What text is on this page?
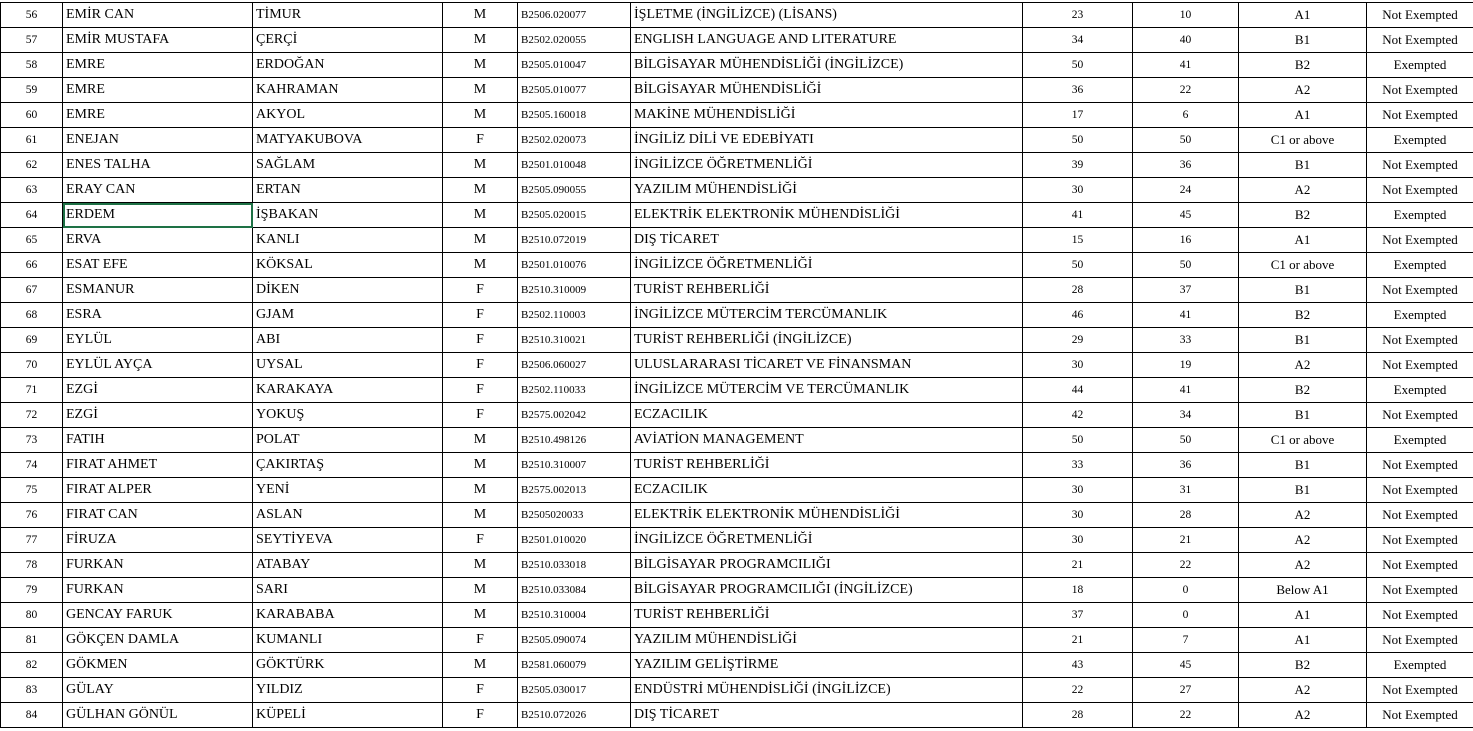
56	EMİR CAN	TİMUR	M	B2506.020077	İŞLETME (İNGİLİZCE) (LİSANS)	23	10	A1	Not Exempted
57	EMİR MUSTAFA	ÇERÇİ	M	B2502.020055	ENGLISH LANGUAGE AND LITERATURE	34	40	B1	Not Exempted
58	EMRE	ERDOĞAN	M	B2505.010047	BİLGİSAYAR MÜHENDİSLİĞİ (İNGİLİZCE)	50	41	B2	Exempted
59	EMRE	KAHRAMAN	M	B2505.010077	BİLGİSAYAR MÜHENDİSLİĞİ	36	22	A2	Not Exempted
60	EMRE	AKYOL	M	B2505.160018	MAKİNE MÜHENDİSLİĞİ	17	6	A1	Not Exempted
61	ENEJAN	MATYAKUBOVA	F	B2502.020073	İNGİLİZ DİLİ VE EDEBİYATI	50	50	C1 or above	Exempted
62	ENES TALHA	SAĞLAM	M	B2501.010048	İNGİLİZCE ÖĞRETMENLİĞİ	39	36	B1	Not Exempted
63	ERAY CAN	ERTAN	M	B2505.090055	YAZILIM MÜHENDİSLİĞİ	30	24	A2	Not Exempted
64	ERDEM	İŞBAKAN	M	B2505.020015	ELEKTRİK ELEKTRONİK MÜHENDİSLİĞİ	41	45	B2	Exempted
65	ERVA	KANLI	M	B2510.072019	DIŞ TİCARET	15	16	A1	Not Exempted
66	ESAT EFE	KÖKSAL	M	B2501.010076	İNGİLİZCE ÖĞRETMENLİĞİ	50	50	C1 or above	Exempted
67	ESMANUR	DİKEN	F	B2510.310009	TURİST REHBERLİĞİ	28	37	B1	Not Exempted
68	ESRA	GJAM	F	B2502.110003	İNGİLİZCE MÜTERCİM TERCÜMANLIK	46	41	B2	Exempted
69	EYLÜL	ABI	F	B2510.310021	TURİST REHBERLİĞİ (İNGİLİZCE)	29	33	B1	Not Exempted
70	EYLÜL AYÇA	UYSAL	F	B2506.060027	ULUSLARARASI TİCARET VE FİNANSMAN	30	19	A2	Not Exempted
71	EZGİ	KARAKAYA	F	B2502.110033	İNGİLİZCE MÜTERCİM VE TERCÜMANLIK	44	41	B2	Exempted
72	EZGİ	YOKUŞ	F	B2575.002042	ECZACILIK	42	34	B1	Not Exempted
73	FATIH	POLAT	M	B2510.498126	AVİATİON MANAGEMENT	50	50	C1 or above	Exempted
74	FIRAT AHMET	ÇAKIRTAŞ	M	B2510.310007	TURİST REHBERLİĞİ	33	36	B1	Not Exempted
75	FIRAT ALPER	YENİ	M	B2575.002013	ECZACILIK	30	31	B1	Not Exempted
76	FIRAT CAN	ASLAN	M	B2505020033	ELEKTRİK ELEKTRONİK MÜHENDİSLİĞİ	30	28	A2	Not Exempted
77	FİRUZA	SEYTİYEVA	F	B2501.010020	İNGİLİZCE ÖĞRETMENLİĞİ	30	21	A2	Not Exempted
78	FURKAN	ATABAY	M	B2510.033018	BİLGİSAYAR PROGRAMCILIĞI	21	22	A2	Not Exempted
79	FURKAN	SARI	M	B2510.033084	BİLGİSAYAR PROGRAMCILIĞI (İNGİLİZCE)	18	0	Below A1	Not Exempted
80	GENCAY FARUK	KARABABA	M	B2510.310004	TURİST REHBERLİĞİ	37	0	A1	Not Exempted
81	GÖKÇEN DAMLA	KUMANLI	F	B2505.090074	YAZILIM MÜHENDİSLİĞİ	21	7	A1	Not Exempted
82	GÖKMEN	GÖKTÜRK	M	B2581.060079	YAZILIM GELİŞTİRME	43	45	B2	Exempted
83	GÜLAY	YILDIZ	F	B2505.030017	ENDÜSTRİ MÜHENDİSLİĞİ (İNGİLİZCE)	22	27	A2	Not Exempted
84	GÜLHAN GÖNÜL	KÜPELİ	F	B2510.072026	DIŞ TİCARET	28	22	A2	Not Exempted
